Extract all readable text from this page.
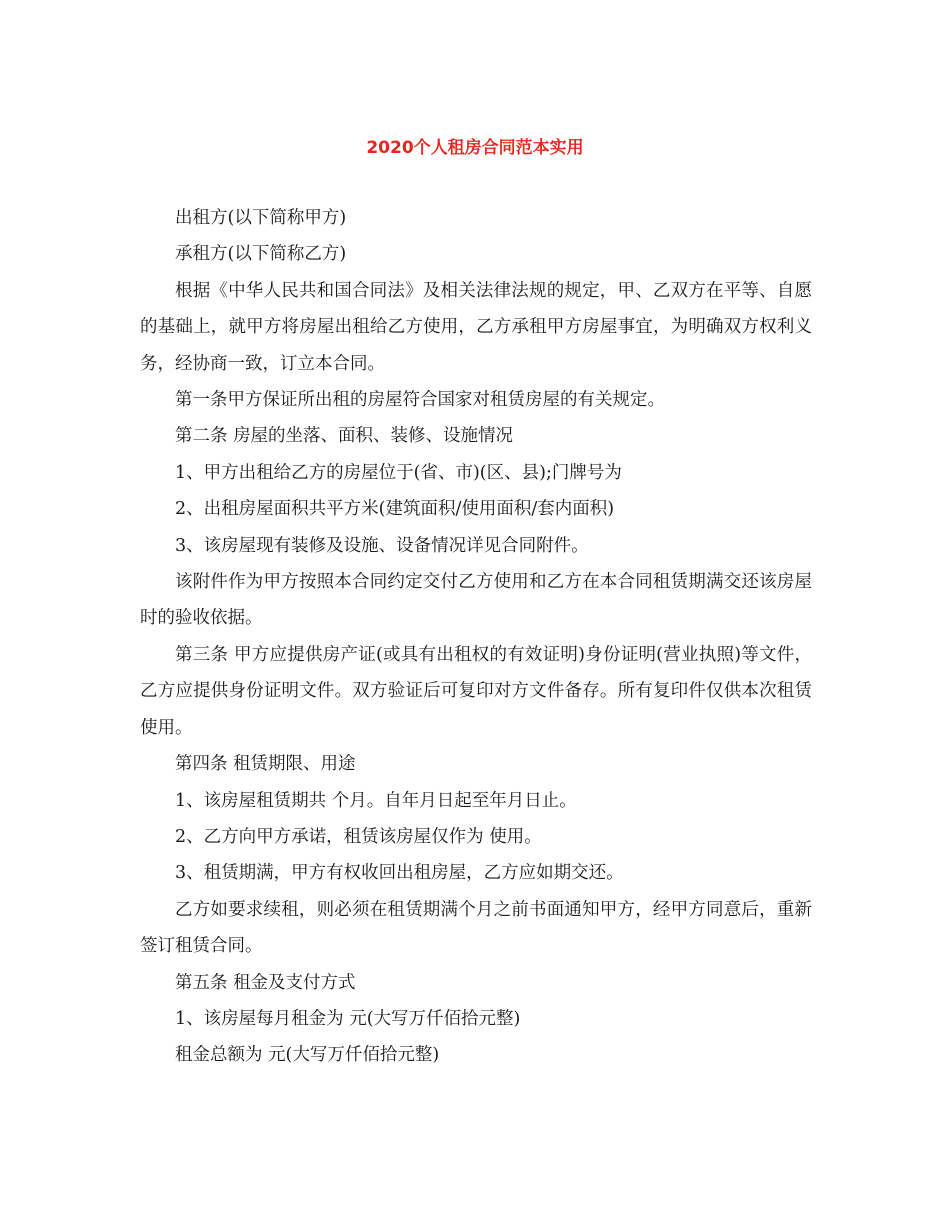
2020个人租房合同范本实用

出租方(以下简称甲方)

承租方(以下简称乙方)

根据《中华人民共和国合同法》及相关法律法规的规定，甲、乙双方在平等、自愿的基础上，就甲方将房屋出租给乙方使用，乙方承租甲方房屋事宜，为明确双方权利义务，经协商一致，订立本合同。

第一条甲方保证所出租的房屋符合国家对租赁房屋的有关规定。

第二条 房屋的坐落、面积、装修、设施情况

1、甲方出租给乙方的房屋位于(省、市)(区、县);门牌号为

2、出租房屋面积共平方米(建筑面积/使用面积/套内面积)

3、该房屋现有装修及设施、设备情况详见合同附件。

该附件作为甲方按照本合同约定交付乙方使用和乙方在本合同租赁期满交还该房屋时的验收依据。

第三条 甲方应提供房产证(或具有出租权的有效证明)身份证明(营业执照)等文件，乙方应提供身份证明文件。双方验证后可复印对方文件备存。所有复印件仅供本次租赁使用。

第四条 租赁期限、用途

1、该房屋租赁期共 个月。自年月日起至年月日止。

2、乙方向甲方承诺，租赁该房屋仅作为 使用。

3、租赁期满，甲方有权收回出租房屋，乙方应如期交还。

乙方如要求续租，则必须在租赁期满个月之前书面通知甲方，经甲方同意后，重新签订租赁合同。

第五条 租金及支付方式

1、该房屋每月租金为 元(大写万仟佰拾元整)

租金总额为 元(大写万仟佰拾元整)
